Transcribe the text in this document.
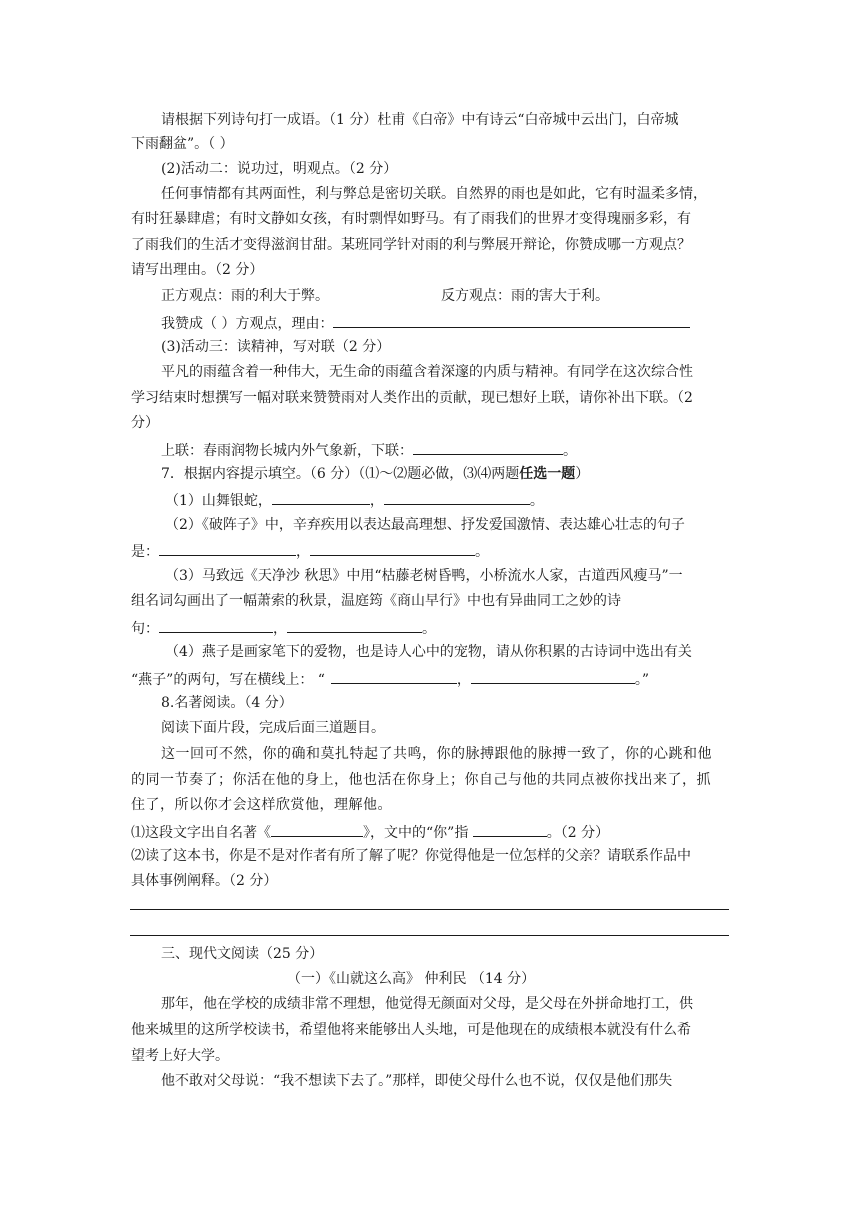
请根据下列诗句打一成语。（1 分）杜甫《白帝》中有诗云“白帝城中云出门，白帝城
下雨翻盆”。（ ）
(2)活动二：说功过，明观点。（2 分）
任何事情都有其两面性，利与弊总是密切关联。自然界的雨也是如此，它有时温柔多情，
有时狂暴肆虐；有时文静如女孩，有时剽悍如野马。有了雨我们的世界才变得瑰丽多彩，有
了雨我们的生活才变得滋润甘甜。某班同学针对雨的利与弊展开辩论，你赞成哪一方观点？
请写出理由。（2 分）
正方观点：雨的利大于弊。	反方观点：雨的害大于利。
我赞成（ ）方观点，理由：
(3)活动三：读精神，写对联（2 分）
平凡的雨蕴含着一种伟大，无生命的雨蕴含着深邃的内质与精神。有同学在这次综合性
学习结束时想撰写一幅对联来赞赞雨对人类作出的贡献，现已想好上联，请你补出下联。（2
分）
上联：春雨润物长城内外气象新，下联：	。
7．根据内容提示填空。（6 分）（⑴～⑵题必做，⑶⑷两题任选一题）
（1）山舞银蛇，	，	。
（2）《破阵子》中，辛弃疾用以表达最高理想、抒发爱国激情、表达雄心壮志的句子
是：	，	。
（3）马致远《天净沙 秋思》中用“枯藤老树昏鸭，小桥流水人家，古道西风瘦马”一
组名词勾画出了一幅萧索的秋景，温庭筠《商山早行》中也有异曲同工之妙的诗
句：	，	。
（4）燕子是画家笔下的爱物，也是诗人心中的宠物，请从你积累的古诗词中选出有关
“燕子”的两句，写在横线上： “	，	。”
8.名著阅读。（4 分）
阅读下面片段，完成后面三道题目。
这一回可不然，你的确和莫扎特起了共鸣，你的脉搏跟他的脉搏一致了，你的心跳和他
的同一节奏了；你活在他的身上，他也活在你身上；你自己与他的共同点被你找出来了，抓
住了，所以你才会这样欣赏他，理解他。
⑴这段文字出自名著《	》，文中的“你”指	。（2 分）
⑵读了这本书，你是不是对作者有所了解了呢？你觉得他是一位怎样的父亲？请联系作品中
具体事例阐释。（2 分）
三、现代文阅读（25 分）
（一）《山就这么高》 仲利民 （14 分）
那年，他在学校的成绩非常不理想，他觉得无颜面对父母，是父母在外拼命地打工，供
他来城里的这所学校读书，希望他将来能够出人头地，可是他现在的成绩根本就没有什么希
望考上好大学。
他不敢对父母说：“我不想读下去了。”那样，即使父母什么也不说，仅仅是他们那失
